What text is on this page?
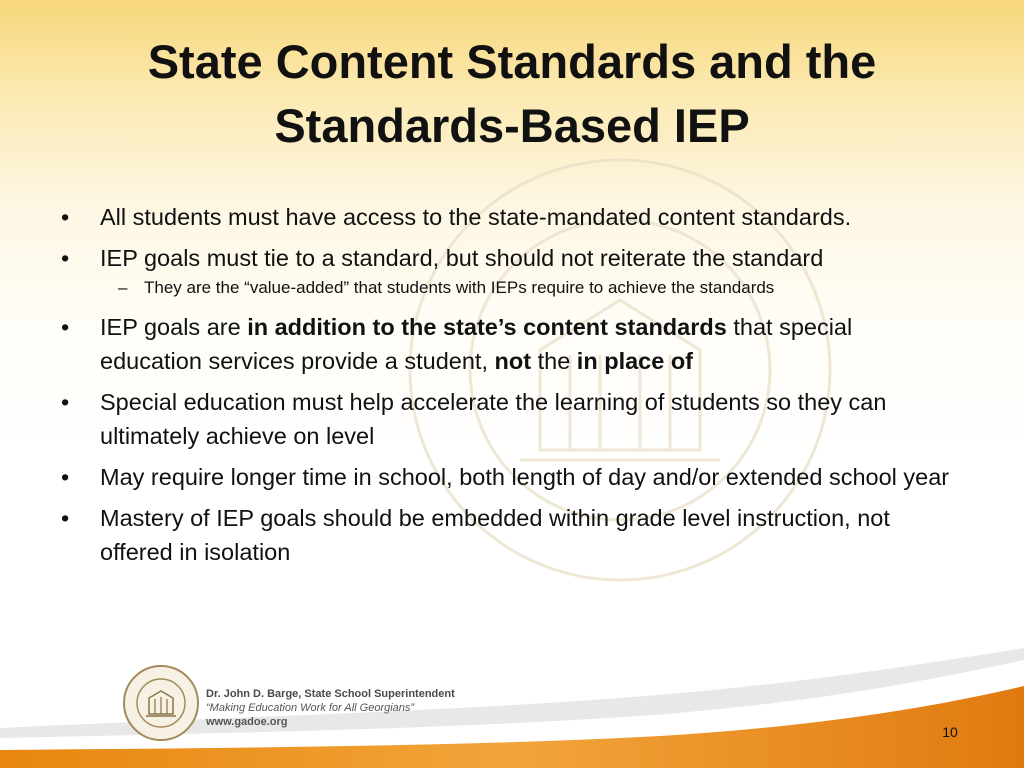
State Content Standards and the
Standards-Based IEP
• All students must have access to the state-mandated content standards.
• IEP goals must tie to a standard, but should not reiterate the standard
– They are the “value-added” that students with IEPs require to achieve the standards
• IEP goals are in addition to the state’s content standards that special education services provide a student, not the in place of
• Special education must help accelerate the learning of students so they can ultimately achieve on level
• May require longer time in school, both length of day and/or extended school year
• Mastery of IEP goals should be embedded within grade level instruction, not offered in isolation
Dr. John D. Barge, State School Superintendent
“Making Education Work for All Georgians”
www.gadoe.org
10
